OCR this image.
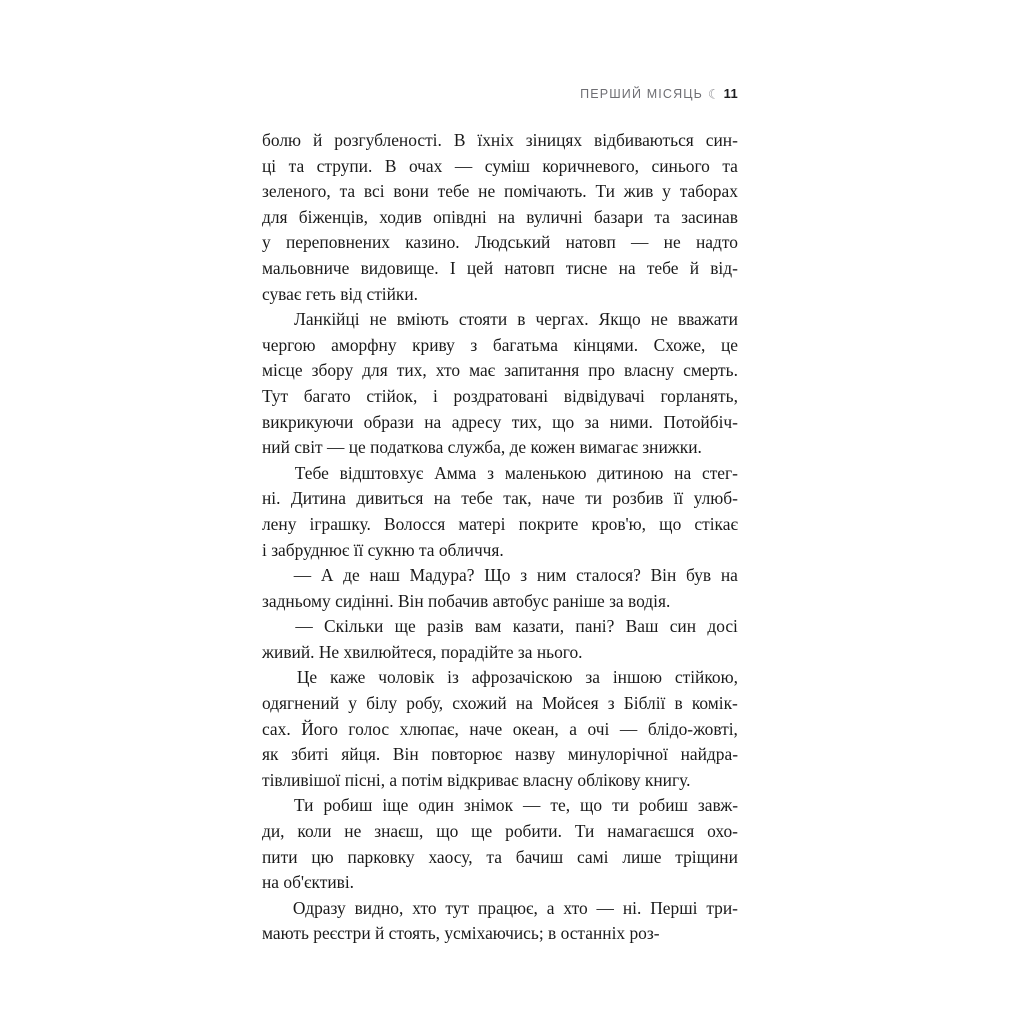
ПЕРШИЙ МІСЯЦЬ ☾ 11
болю й розгубленості. В їхніх зіницях відбиваються син-
ці та струпи. В очах — суміш коричневого, синього та
зеленого, та всі вони тебе не помічають. Ти жив у таборах
для біженців, ходив опівдні на вуличні базари та засинав
у переповнених казино. Людський натовп — не надто
мальовниче видовище. І цей натовп тисне на тебе й від-
суває геть від стійки.
Ланкійці не вміють стояти в чергах. Якщо не вважати
чергою аморфну криву з багатьма кінцями. Схоже, це
місце збору для тих, хто має запитання про власну смерть.
Тут багато стійок, і роздратовані відвідувачі горланять,
викрикуючи образи на адресу тих, що за ними. Потойбіч-
ний світ — це податкова служба, де кожен вимагає знижки.
Тебе відштовхує Амма з маленькою дитиною на стег-
ні. Дитина дивиться на тебе так, наче ти розбив її улюб-
лену іграшку. Волосся матері покрите кров'ю, що стікає
і забруднює її сукню та обличчя.
— А де наш Мадура? Що з ним сталося? Він був на
задньому сидінні. Він побачив автобус раніше за водія.
— Скільки ще разів вам казати, пані? Ваш син досі
живий. Не хвилюйтеся, порадійте за нього.
Це каже чоловік із афрозачіскою за іншою стійкою,
одягнений у білу робу, схожий на Мойсея з Біблії в комік-
сах. Його голос хлюпає, наче океан, а очі — блідо-жовті,
як збиті яйця. Він повторює назву минулорічної найдра-
тівливішої пісні, а потім відкриває власну облікову книгу.
Ти робиш іще один знімок — те, що ти робиш завж-
ди, коли не знаєш, що ще робити. Ти намагаєшся охо-
пити цю парковку хаосу, та бачиш самі лише тріщини
на об'єктиві.
Одразу видно, хто тут працює, а хто — ні. Перші три-
мають реєстри й стоять, усміхаючись; в останніх роз-
